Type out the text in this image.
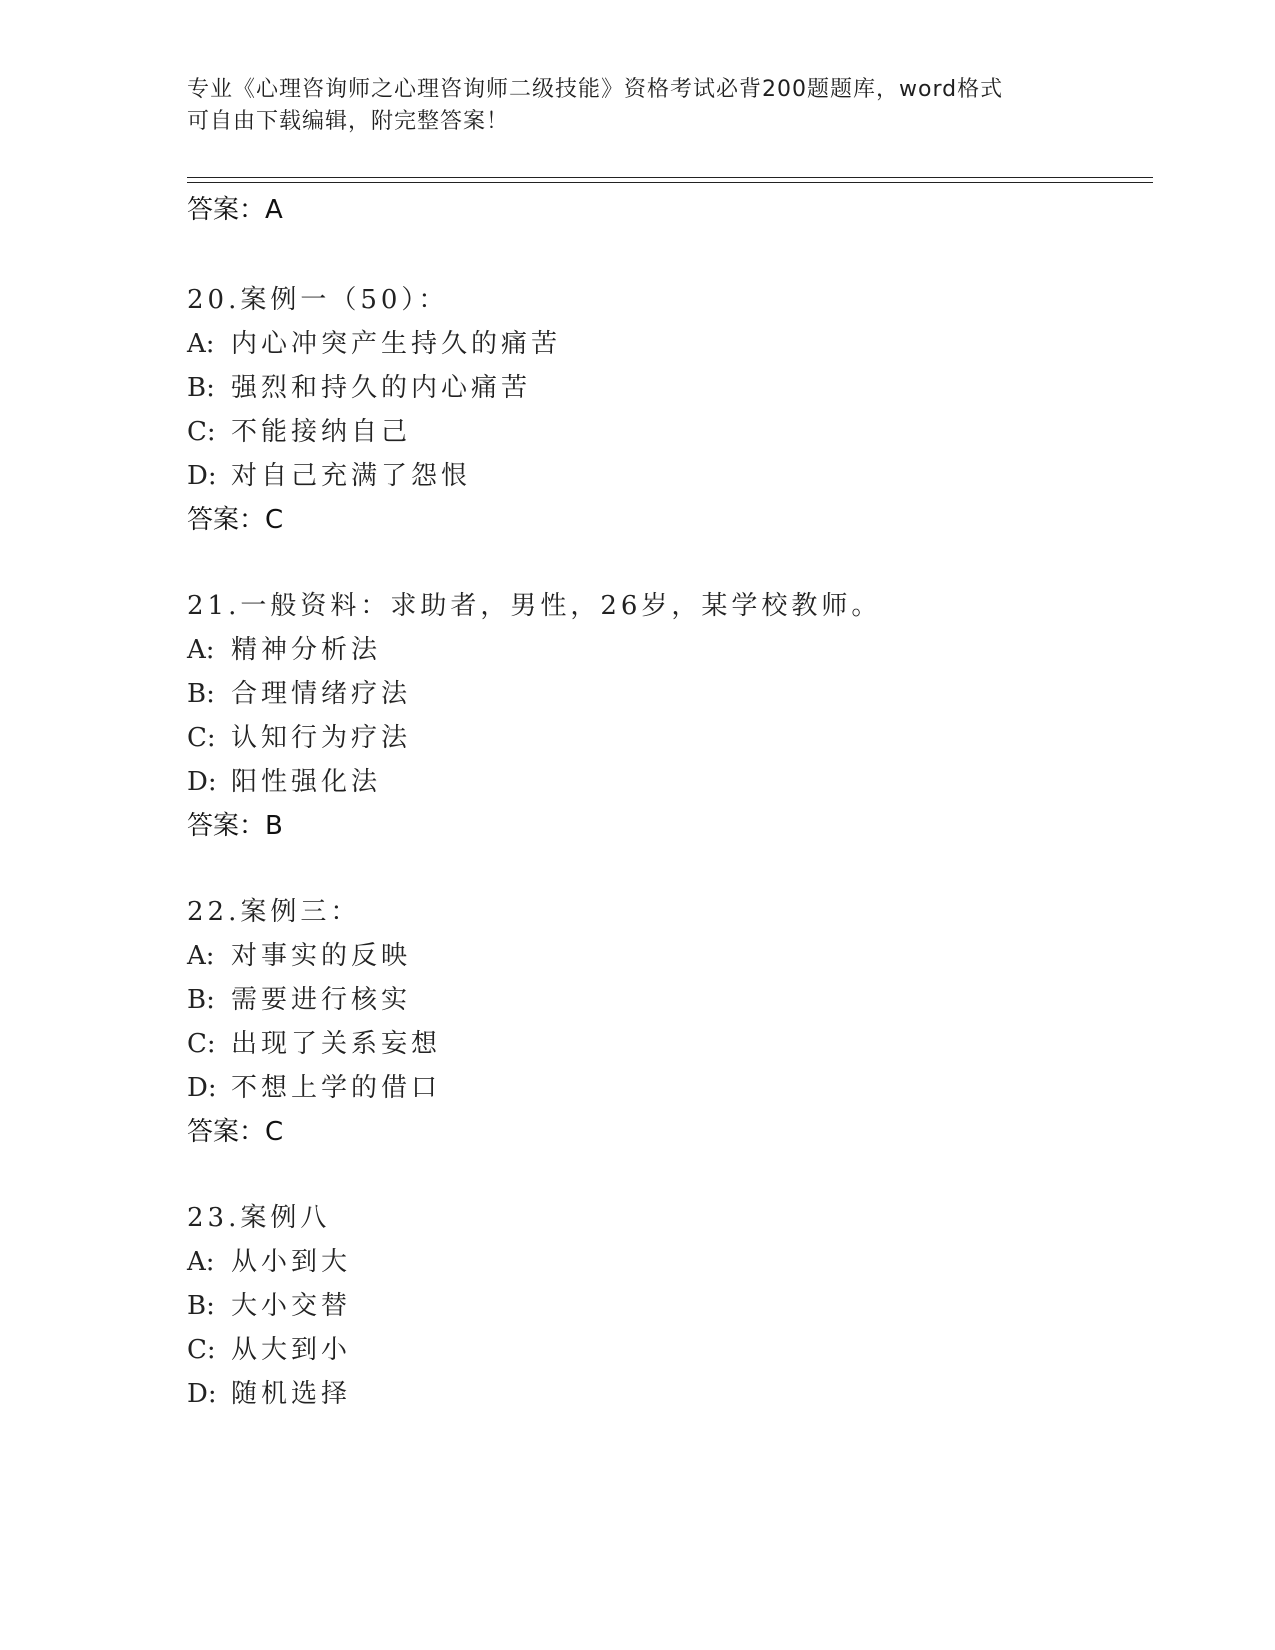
专业《心理咨询师之心理咨询师二级技能》资格考试必背200题题库，word格式
可自由下载编辑，附完整答案！
答案：A
20.案例一（50）：
A: 内心冲突产生持久的痛苦
B: 强烈和持久的内心痛苦
C: 不能接纳自己
D: 对自己充满了怨恨
答案：C
21.一般资料：求助者，男性，26岁，某学校教师。
A: 精神分析法
B: 合理情绪疗法
C: 认知行为疗法
D: 阳性强化法
答案：B
22.案例三：
A: 对事实的反映
B: 需要进行核实
C: 出现了关系妄想
D: 不想上学的借口
答案：C
23.案例八
A: 从小到大
B: 大小交替
C: 从大到小
D: 随机选择
